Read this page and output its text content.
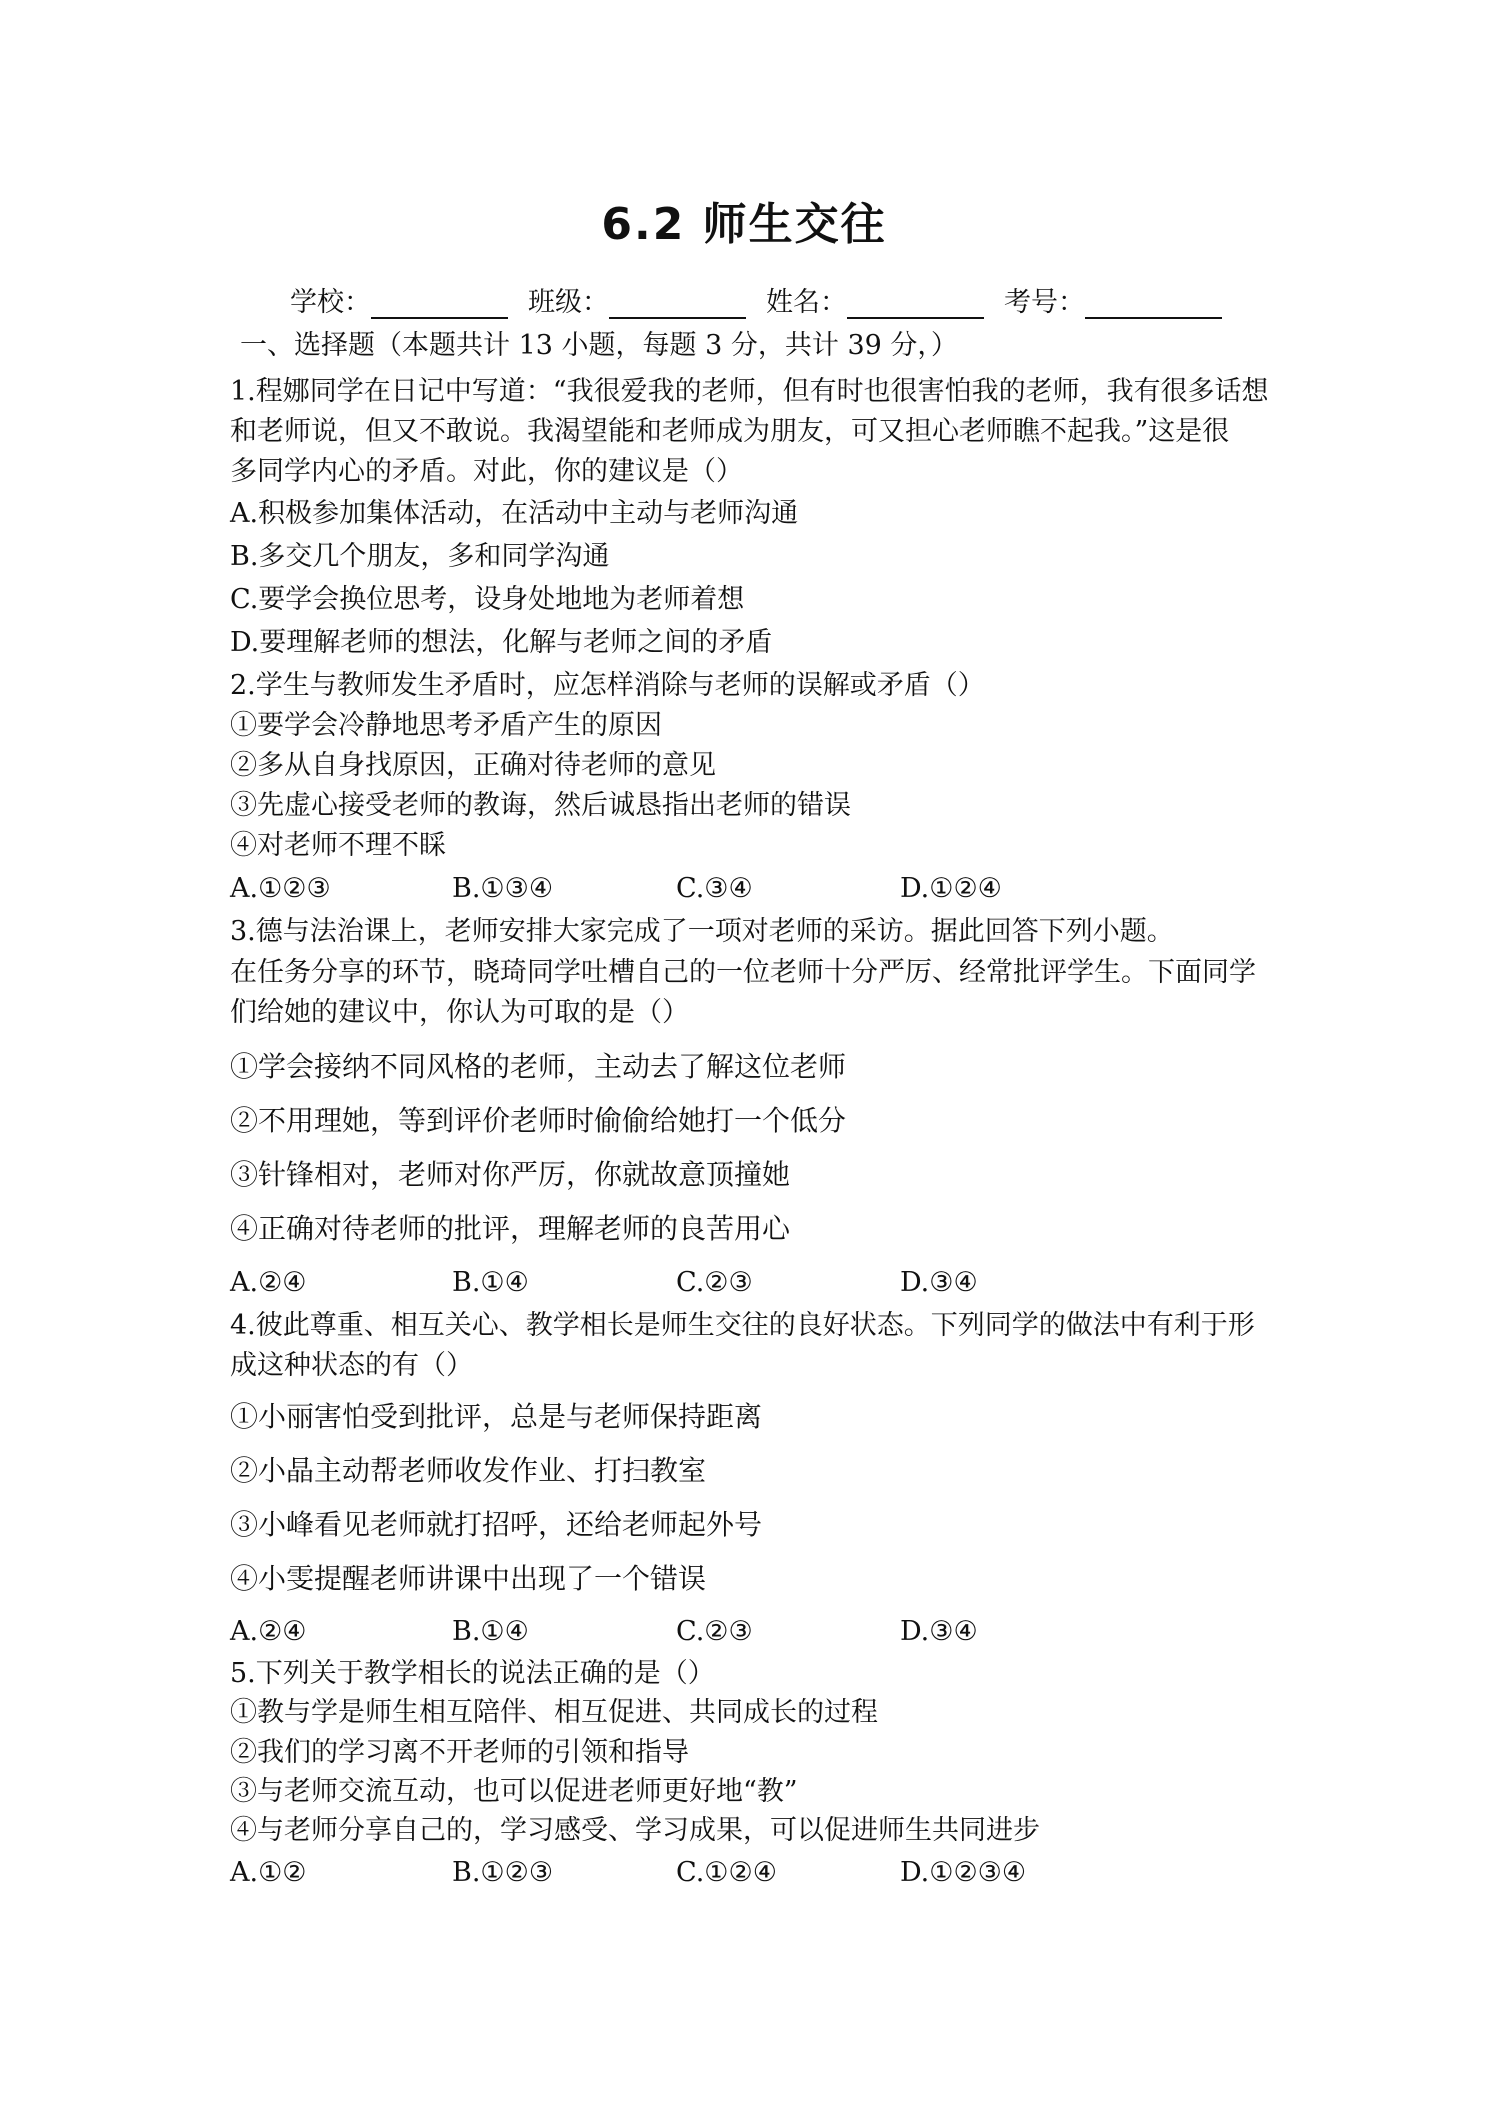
6.2 师生交往
学校：	班级：	姓名：	考号：
一、选择题（本题共计 13 小题，每题 3 分，共计 39 分，）
1.程娜同学在日记中写道：“我很爱我的老师，但有时也很害怕我的老师，我有很多话想
和老师说，但又不敢说。我渴望能和老师成为朋友，可又担心老师瞧不起我。”这是很
多同学内心的矛盾。对此，你的建议是（）
A.积极参加集体活动，在活动中主动与老师沟通
B.多交几个朋友，多和同学沟通
C.要学会换位思考，设身处地地为老师着想
D.要理解老师的想法，化解与老师之间的矛盾
2.学生与教师发生矛盾时，应怎样消除与老师的误解或矛盾（）
①要学会冷静地思考矛盾产生的原因
②多从自身找原因，正确对待老师的意见
③先虚心接受老师的教诲，然后诚恳指出老师的错误
④对老师不理不睬
A.①②③	B.①③④	C.③④	D.①②④
3.德与法治课上，老师安排大家完成了一项对老师的采访。据此回答下列小题。
在任务分享的环节，晓琦同学吐槽自己的一位老师十分严厉、经常批评学生。下面同学
们给她的建议中，你认为可取的是（）
①学会接纳不同风格的老师，主动去了解这位老师
②不用理她，等到评价老师时偷偷给她打一个低分
③针锋相对，老师对你严厉，你就故意顶撞她
④正确对待老师的批评，理解老师的良苦用心
A.②④	B.①④	C.②③	D.③④
4.彼此尊重、相互关心、教学相长是师生交往的良好状态。下列同学的做法中有利于形
成这种状态的有（）
①小丽害怕受到批评，总是与老师保持距离
②小晶主动帮老师收发作业、打扫教室
③小峰看见老师就打招呼，还给老师起外号
④小雯提醒老师讲课中出现了一个错误
A.②④	B.①④	C.②③	D.③④
5.下列关于教学相长的说法正确的是（）
①教与学是师生相互陪伴、相互促进、共同成长的过程
②我们的学习离不开老师的引领和指导
③与老师交流互动，也可以促进老师更好地“教”
④与老师分享自己的，学习感受、学习成果，可以促进师生共同进步
A.①②	B.①②③	C.①②④	D.①②③④
